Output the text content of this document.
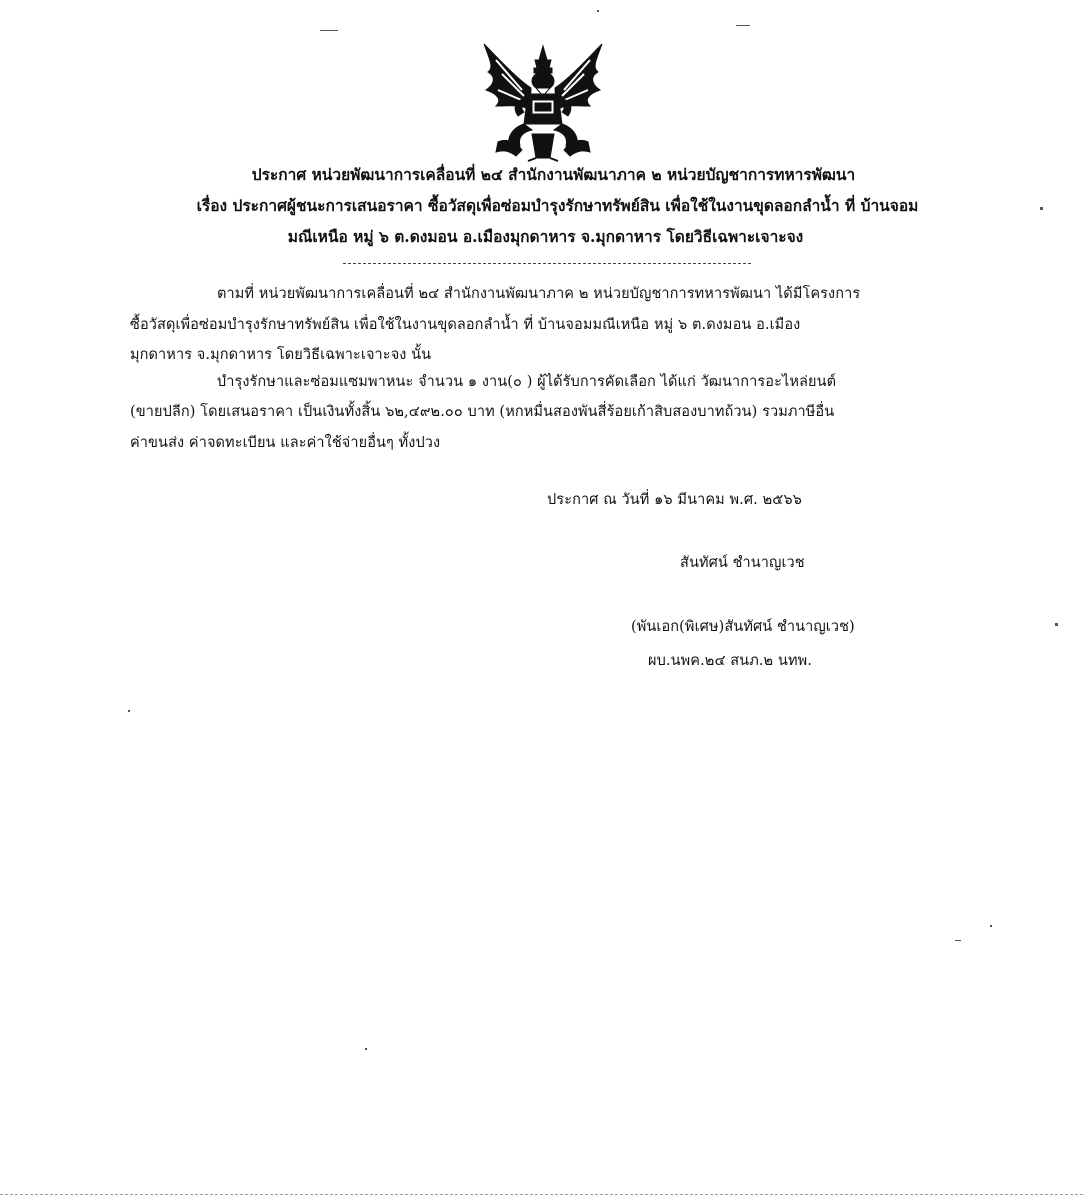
ประกาศ หน่วยพัฒนาการเคลื่อนที่ ๒๔ สำนักงานพัฒนาภาค ๒ หน่วยบัญชาการทหารพัฒนา
เรื่อง ประกาศผู้ชนะการเสนอราคา ซื้อวัสดุเพื่อซ่อมบำรุงรักษาทรัพย์สิน เพื่อใช้ในงานขุดลอกลำน้ำ ที่ บ้านจอม
มณีเหนือ หมู่ ๖ ต.ดงมอน อ.เมืองมุกดาหาร จ.มุกดาหาร โดยวิธีเฉพาะเจาะจง
ตามที่ หน่วยพัฒนาการเคลื่อนที่ ๒๔ สำนักงานพัฒนาภาค ๒ หน่วยบัญชาการทหารพัฒนา ได้มีโครงการ
ซื้อวัสดุเพื่อซ่อมบำรุงรักษาทรัพย์สิน เพื่อใช้ในงานขุดลอกลำน้ำ ที่ บ้านจอมมณีเหนือ หมู่ ๖ ต.ดงมอน อ.เมือง
มุกดาหาร จ.มุกดาหาร โดยวิธีเฉพาะเจาะจง นั้น
บำรุงรักษาและซ่อมแซมพาหนะ จำนวน ๑ งาน(๐ ) ผู้ได้รับการคัดเลือก ได้แก่ วัฒนาการอะไหล่ยนต์
(ขายปลีก) โดยเสนอราคา เป็นเงินทั้งสิ้น ๖๒,๔๙๒.๐๐ บาท (หกหมื่นสองพันสี่ร้อยเก้าสิบสองบาทถ้วน) รวมภาษีอื่น
ค่าขนส่ง ค่าจดทะเบียน และค่าใช้จ่ายอื่นๆ ทั้งปวง
ประกาศ ณ วันที่ ๑๖ มีนาคม พ.ศ. ๒๕๖๖
สันทัศน์ ชำนาญเวช
(พันเอก(พิเศษ)สันทัศน์ ชำนาญเวช)
ผบ.นพค.๒๔ สนภ.๒ นทพ.
